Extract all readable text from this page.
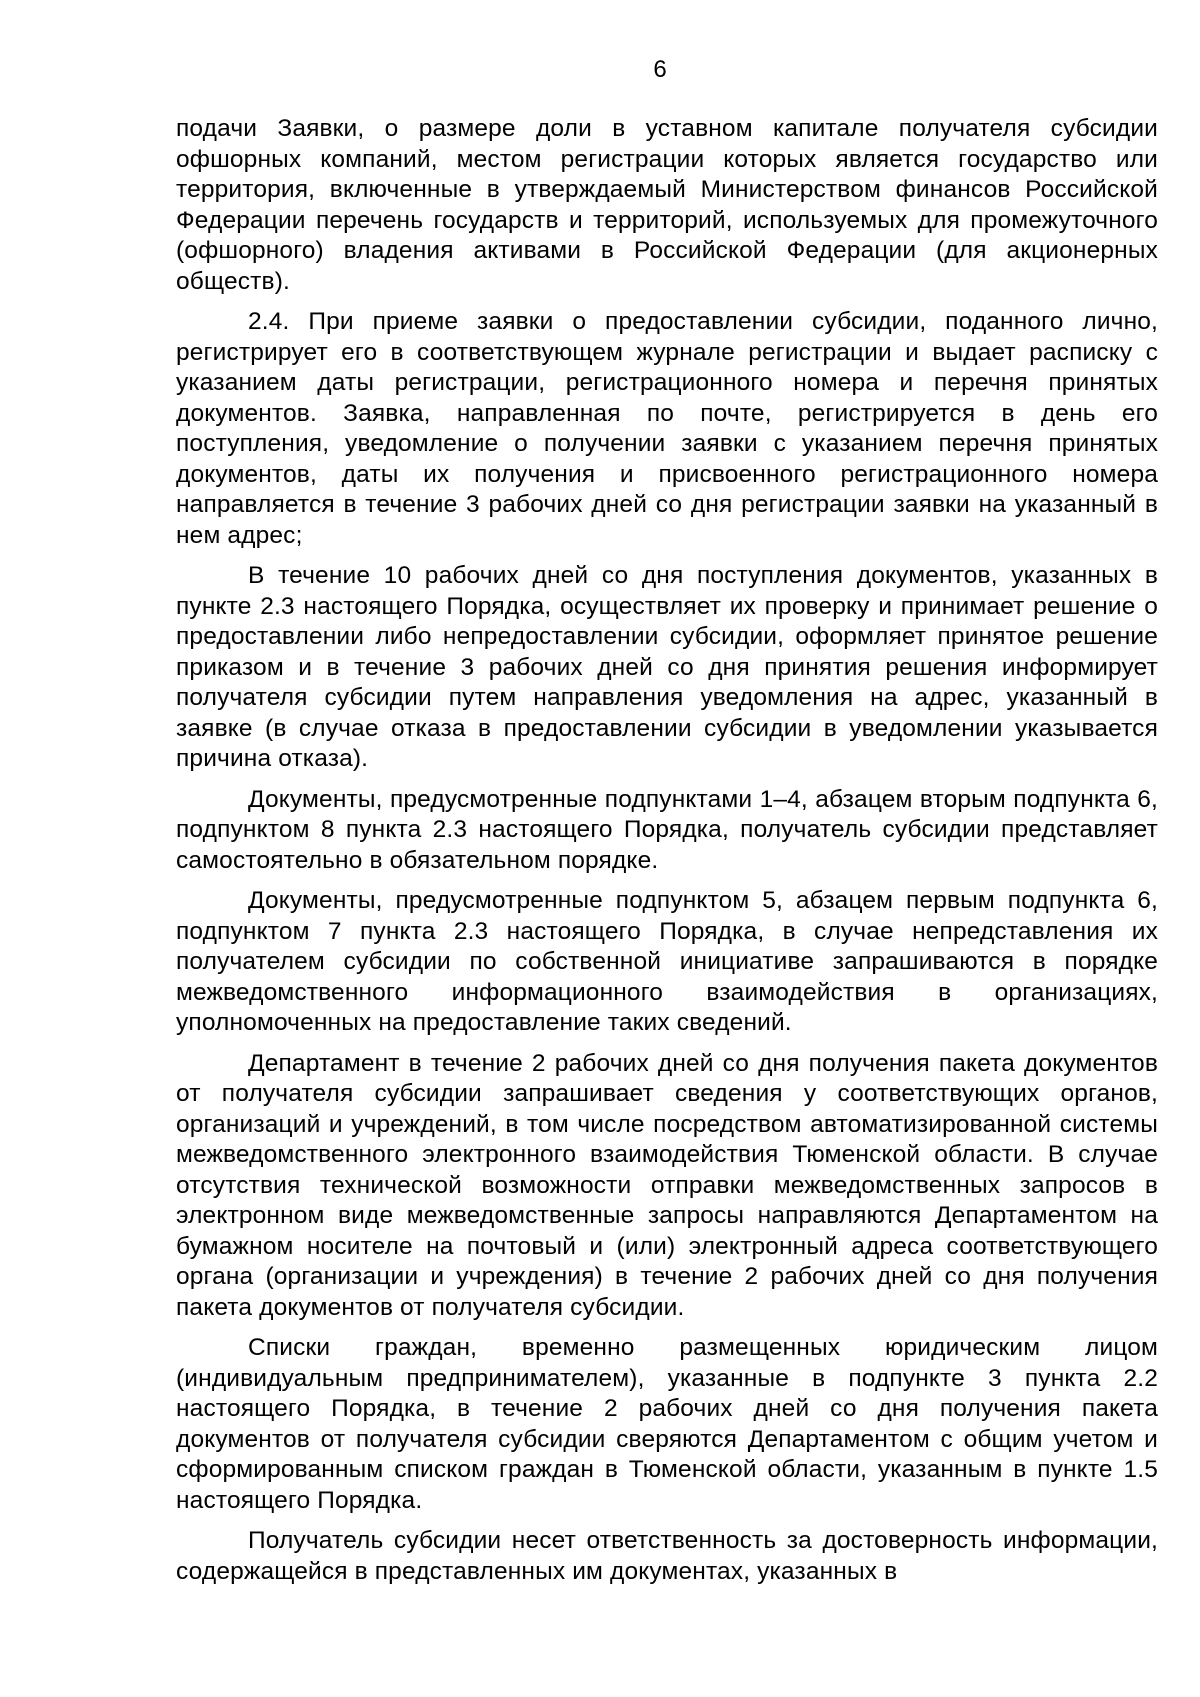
6

подачи Заявки, о размере доли в уставном капитале получателя субсидии офшорных компаний, местом регистрации которых является государство или территория, включенные в утверждаемый Министерством финансов Российской Федерации перечень государств и территорий, используемых для промежуточного (офшорного) владения активами в Российской Федерации (для акционерных обществ).

2.4. При приеме заявки о предоставлении субсидии, поданного лично, регистрирует его в соответствующем журнале регистрации и выдает расписку с указанием даты регистрации, регистрационного номера и перечня принятых документов. Заявка, направленная по почте, регистрируется в день его поступления, уведомление о получении заявки с указанием перечня принятых документов, даты их получения и присвоенного регистрационного номера направляется в течение 3 рабочих дней со дня регистрации заявки на указанный в нем адрес;

В течение 10 рабочих дней со дня поступления документов, указанных в пункте 2.3 настоящего Порядка, осуществляет их проверку и принимает решение о предоставлении либо непредоставлении субсидии, оформляет принятое решение приказом и в течение 3 рабочих дней со дня принятия решения информирует получателя субсидии путем направления уведомления на адрес, указанный в заявке (в случае отказа в предоставлении субсидии в уведомлении указывается причина отказа).

Документы, предусмотренные подпунктами 1–4, абзацем вторым подпункта 6, подпунктом 8 пункта 2.3 настоящего Порядка, получатель субсидии представляет самостоятельно в обязательном порядке.

Документы, предусмотренные подпунктом 5, абзацем первым подпункта 6, подпунктом 7 пункта 2.3 настоящего Порядка, в случае непредставления их получателем субсидии по собственной инициативе запрашиваются в порядке межведомственного информационного взаимодействия в организациях, уполномоченных на предоставление таких сведений.

Департамент в течение 2 рабочих дней со дня получения пакета документов от получателя субсидии запрашивает сведения у соответствующих органов, организаций и учреждений, в том числе посредством автоматизированной системы межведомственного электронного взаимодействия Тюменской области. В случае отсутствия технической возможности отправки межведомственных запросов в электронном виде межведомственные запросы направляются Департаментом на бумажном носителе на почтовый и (или) электронный адреса соответствующего органа (организации и учреждения) в течение 2 рабочих дней со дня получения пакета документов от получателя субсидии.

Списки граждан, временно размещенных юридическим лицом (индивидуальным предпринимателем), указанные в подпункте 3 пункта 2.2 настоящего Порядка, в течение 2 рабочих дней со дня получения пакета документов от получателя субсидии сверяются Департаментом с общим учетом и сформированным списком граждан в Тюменской области, указанным в пункте 1.5 настоящего Порядка.

Получатель субсидии несет ответственность за достоверность информации, содержащейся в представленных им документах, указанных в
